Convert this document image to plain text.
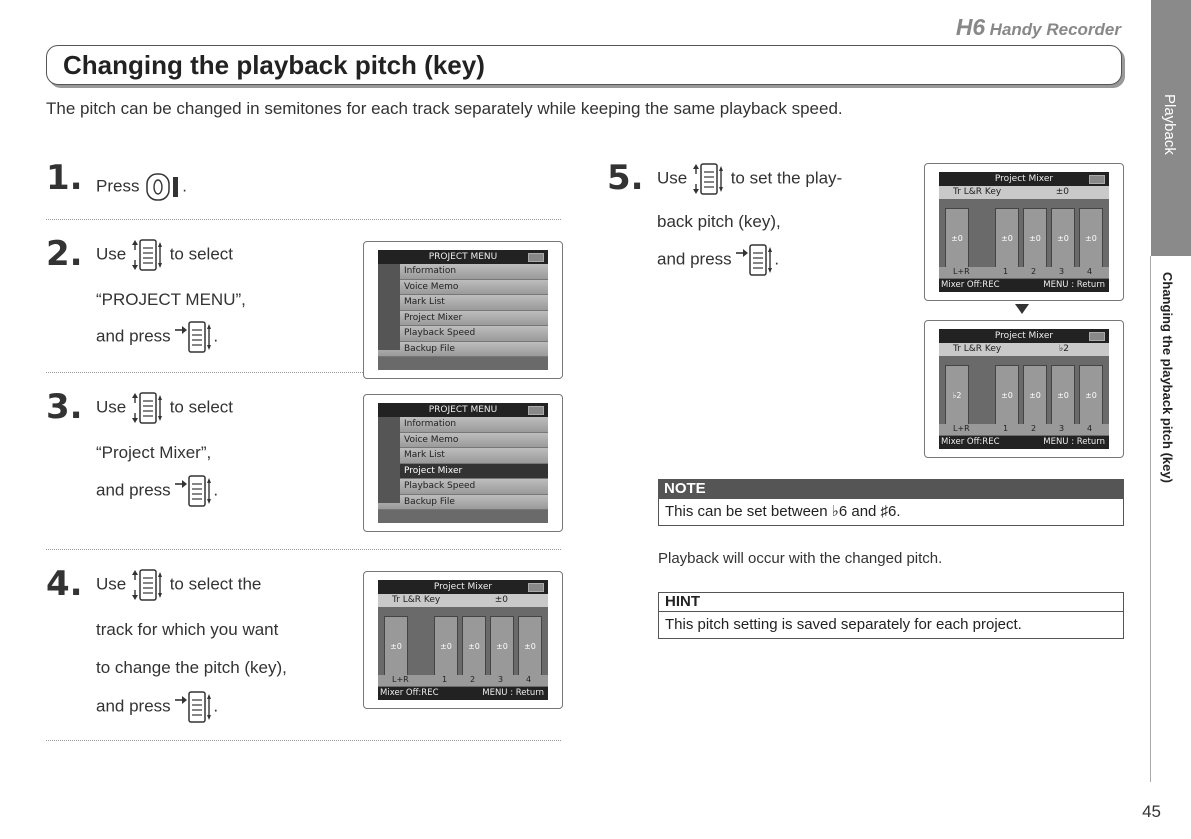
H6 Handy Recorder
Changing the playback pitch (key)
The pitch can be changed in semitones for each track separately while keeping the same playback speed.	Playback
Changing the playback pitch (key)
1. Press	.
2. Use	to select
“PROJECT MENU”,
and press	.
PROJECT MENU
Information
Voice Memo
Mark List
Project Mixer
Playback Speed
Backup File
3. Use	to select
“Project Mixer”,
and press	.
PROJECT MENU
Information
Voice Memo
Mark List
Project Mixer
Playback Speed
Backup File
4. Use	to select the
track for which you want
to change the pitch (key),
and press	.
Project Mixer
Tr L&R Key	±0
±0	±0	±0	±0	±0
L+R	1	2	3	4
Mixer Off:REC	MENU : Return
5. Use	to set the play-
back pitch (key),
and press	.
Project Mixer
Tr L&R Key	±0
±0	±0	±0	±0	±0
L+R	1	2	3	4
Mixer Off:REC	MENU : Return
Project Mixer
Tr L&R Key	♭2
♭2	±0	±0	±0	±0
L+R	1	2	3	4
Mixer Off:REC	MENU : Return
NOTE
This can be set between ♭6 and ♯6.
Playback will occur with the changed pitch.
HINT
This pitch setting is saved separately for each project.
45
